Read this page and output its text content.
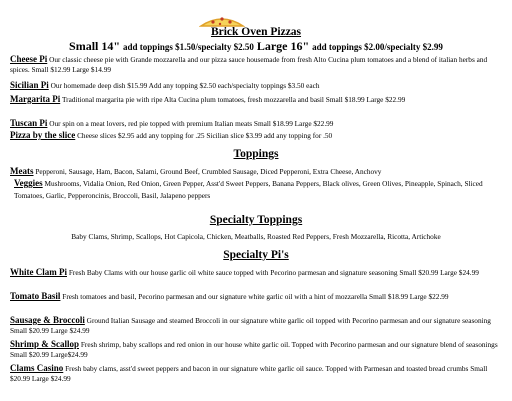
Brick Oven Pizzas
Small 14" add toppings $1.50/specialty $2.50 Large 16" add toppings $2.00/specialty $2.99
Cheese Pi Our classic cheese pie with Grande mozzarella and our pizza sauce housemade from fresh Alto Cucina plum tomatoes and a blend of italian herbs and spices. Small $12.99 Large $14.99
Sicilian Pi Our homemade deep dish $15.99 Add any topping $2.50 each/specialty toppings $3.50 each
Margarita Pi Traditional margarita pie with ripe Alta Cucina plum tomatoes, fresh mozzarella and basil Small $18.99 Large $22.99
Tuscan Pi Our spin on a meat lovers, red pie topped with premium Italian meats Small $18.99 Large $22.99
Pizza by the slice Cheese slices $2.95 add any topping for .25 Sicilian slice $3.99 add any topping for .50
Toppings
Meats Pepperoni, Sausage, Ham, Bacon, Salami, Ground Beef, Crumbled Sausage, Diced Pepperoni, Extra Cheese, Anchovy
Veggies Mushrooms, Vidalia Onion, Red Onion, Green Pepper, Asst'd Sweet Peppers, Banana Peppers, Black olives, Green Olives, Pineapple, Spinach, Sliced Tomatoes, Garlic, Pepperoncinis, Broccoli, Basil, Jalapeno peppers
Specialty Toppings
Baby Clams, Shrimp, Scallops, Hot Capicola, Chicken, Meatballs, Roasted Red Peppers, Fresh Mozzarella, Ricotta, Artichoke
Specialty Pi's
White Clam Pi Fresh Baby Clams with our house garlic oil white sauce topped with Pecorino parmesan and signature seasoning Small $20.99 Large $24.99
Tomato Basil Fresh tomatoes and basil, Pecorino parmesan and our signature white garlic oil with a hint of mozzarella Small $18.99 Large $22.99
Sausage & Broccoli Ground Italian Sausage and steamed Broccoli in our signature white garlic oil topped with Pecorino parmesan and our signature seasoning Small $20.99 Large $24.99
Shrimp & Scallop Fresh shrimp, baby scallops and red onion in our house white garlic oil. Topped with Pecorino parmesan and our signature blend of seasonings Small $20.99 Large$24.99
Clams Casino Fresh baby clams, asst'd sweet peppers and bacon in our signature white garlic oil sauce. Topped with Parmesan and toasted bread crumbs Small $20.99 Large $24.99
